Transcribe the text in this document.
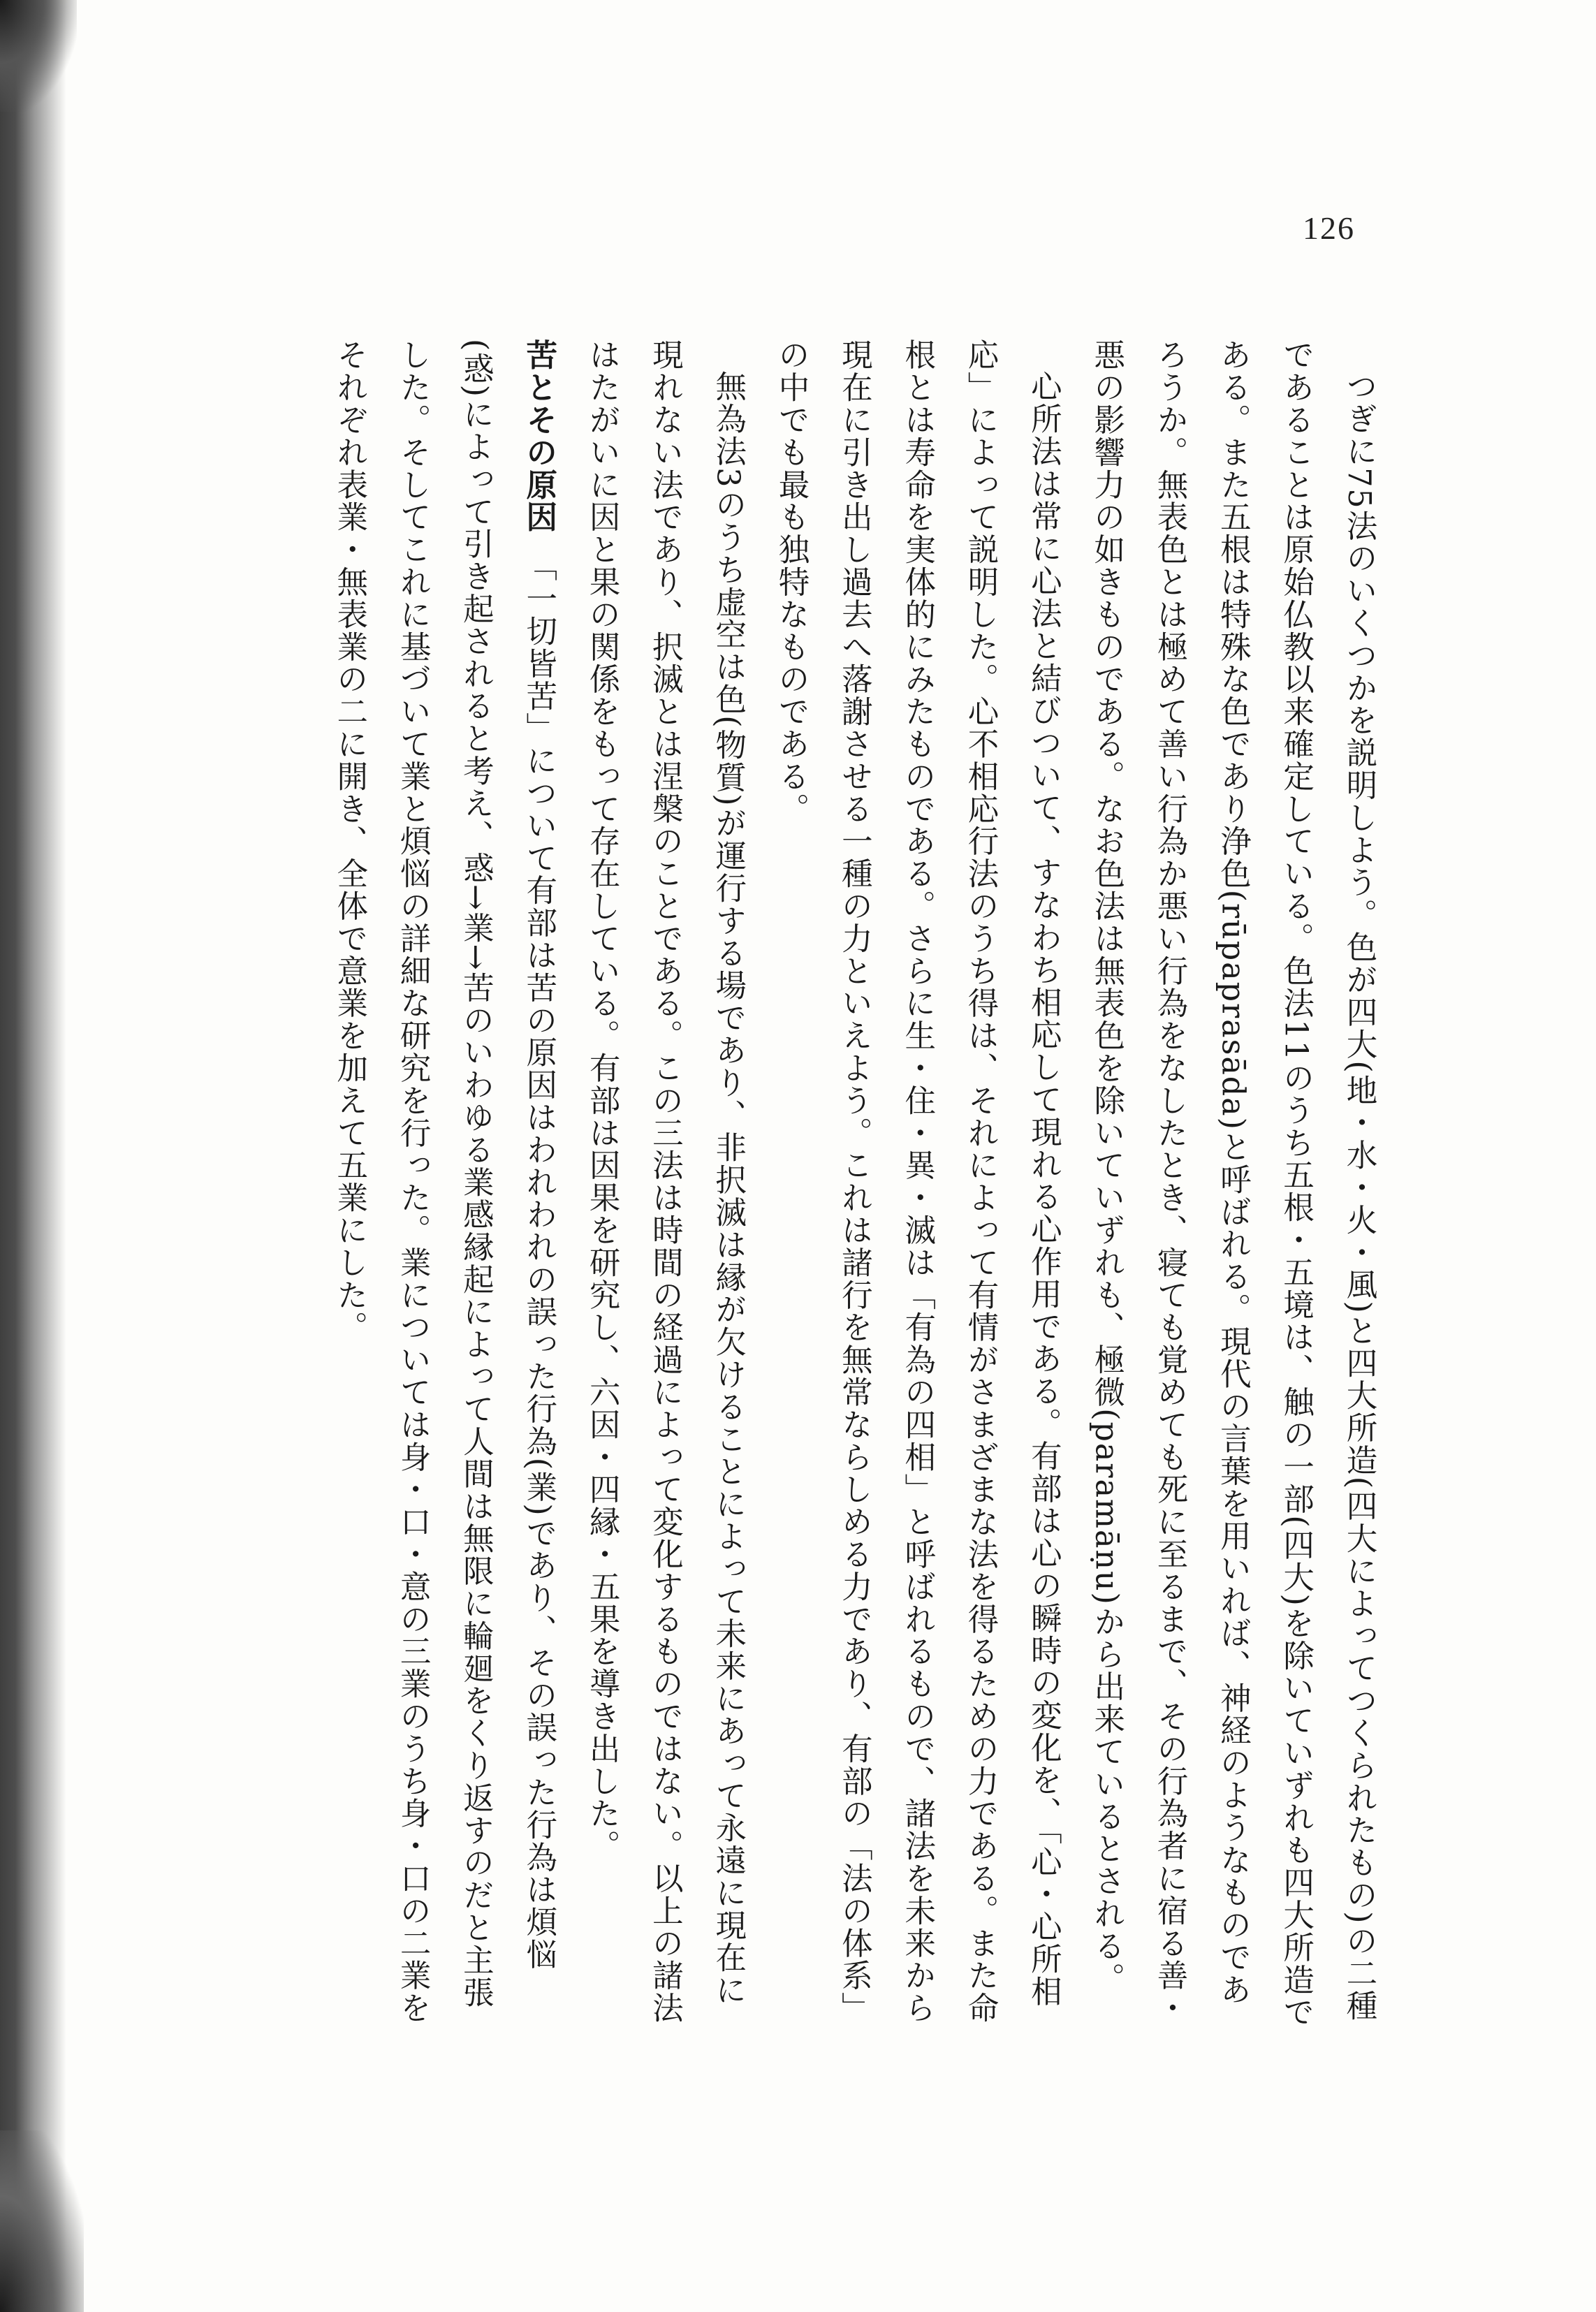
126

つぎに75法のいくつかを説明しよう。色が四大(地・水・火・風)と四大所造(四大によってつくられたもの)の二種であることは原始仏教以来確定している。色法11のうち五根・五境は、触の一部(四大)を除いていずれも四大所造である。また五根は特殊な色であり浄色(rūpaprasāda)と呼ばれる。現代の言葉を用いれば、神経のようなものであろうか。無表色とは極めて善い行為か悪い行為をなしたとき、寝ても覚めても死に至るまで、その行為者に宿る善・悪の影響力の如きものである。なお色法は無表色を除いていずれも、極微(paramāṇu)から出来ているとされる。

心所法は常に心法と結びついて、すなわち相応して現れる心作用である。有部は心の瞬時の変化を、「心・心所相応」によって説明した。心不相応行法のうち得は、それによって有情がさまざまな法を得るための力である。また命根とは寿命を実体的にみたものである。さらに生・住・異・滅は「有為の四相」と呼ばれるもので、諸法を未来から現在に引き出し過去へ落謝させる一種の力といえよう。これは諸行を無常ならしめる力であり、有部の「法の体系」の中でも最も独特なものである。

無為法3のうち虚空は色(物質)が運行する場であり、非択滅は縁が欠けることによって未来にあって永遠に現在に現れない法であり、択滅とは涅槃のことである。この三法は時間の経過によって変化するものではない。以上の諸法はたがいに因と果の関係をもって存在している。有部は因果を研究し、六因・四縁・五果を導き出した。

苦とその原因　「一切皆苦」について有部は苦の原因はわれわれの誤った行為(業)であり、その誤った行為は煩悩(惑)によって引き起されると考え、惑→業→苦のいわゆる業感縁起によって人間は無限に輪廻をくり返すのだと主張した。そしてこれに基づいて業と煩悩の詳細な研究を行った。業については身・口・意の三業のうち身・口の二業をそれぞれ表業・無表業の二に開き、全体で意業を加えて五業にした。
